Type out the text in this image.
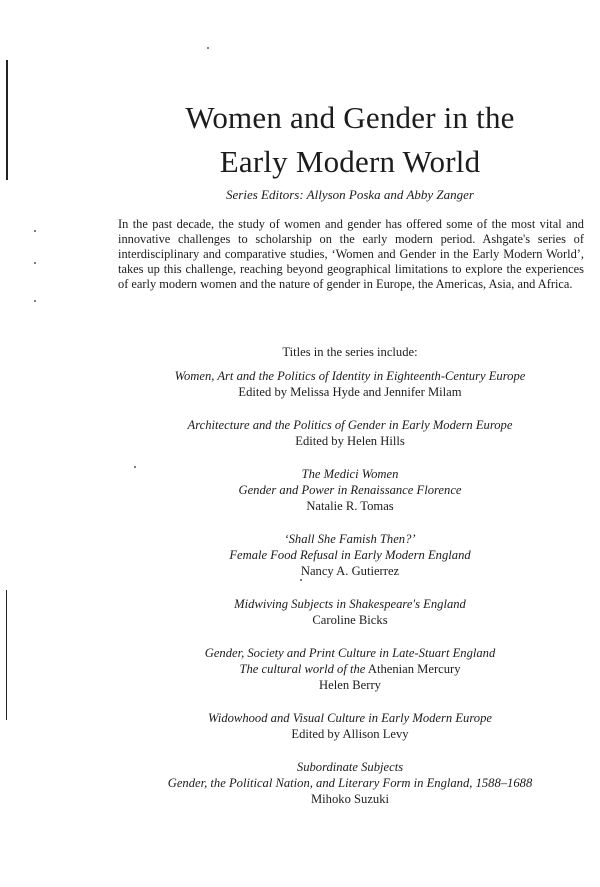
Women and Gender in the
Early Modern World
Series Editors: Allyson Poska and Abby Zanger

In the past decade, the study of women and gender has offered some of the most vital and innovative challenges to scholarship on the early modern period. Ashgate's series of interdisciplinary and comparative studies, ‘Women and Gender in the Early Modern World’, takes up this challenge, reaching beyond geographical limitations to explore the experiences of early modern women and the nature of gender in Europe, the Americas, Asia, and Africa.

Titles in the series include:
Women, Art and the Politics of Identity in Eighteenth-Century Europe
Edited by Melissa Hyde and Jennifer Milam
Architecture and the Politics of Gender in Early Modern Europe
Edited by Helen Hills
The Medici Women
Gender and Power in Renaissance Florence
Natalie R. Tomas
‘Shall She Famish Then?’
Female Food Refusal in Early Modern England
Nancy A. Gutierrez
Midwiving Subjects in Shakespeare's England
Caroline Bicks
Gender, Society and Print Culture in Late-Stuart England
The cultural world of the Athenian Mercury
Helen Berry
Widowhood and Visual Culture in Early Modern Europe
Edited by Allison Levy
Subordinate Subjects
Gender, the Political Nation, and Literary Form in England, 1588–1688
Mihoko Suzuki
